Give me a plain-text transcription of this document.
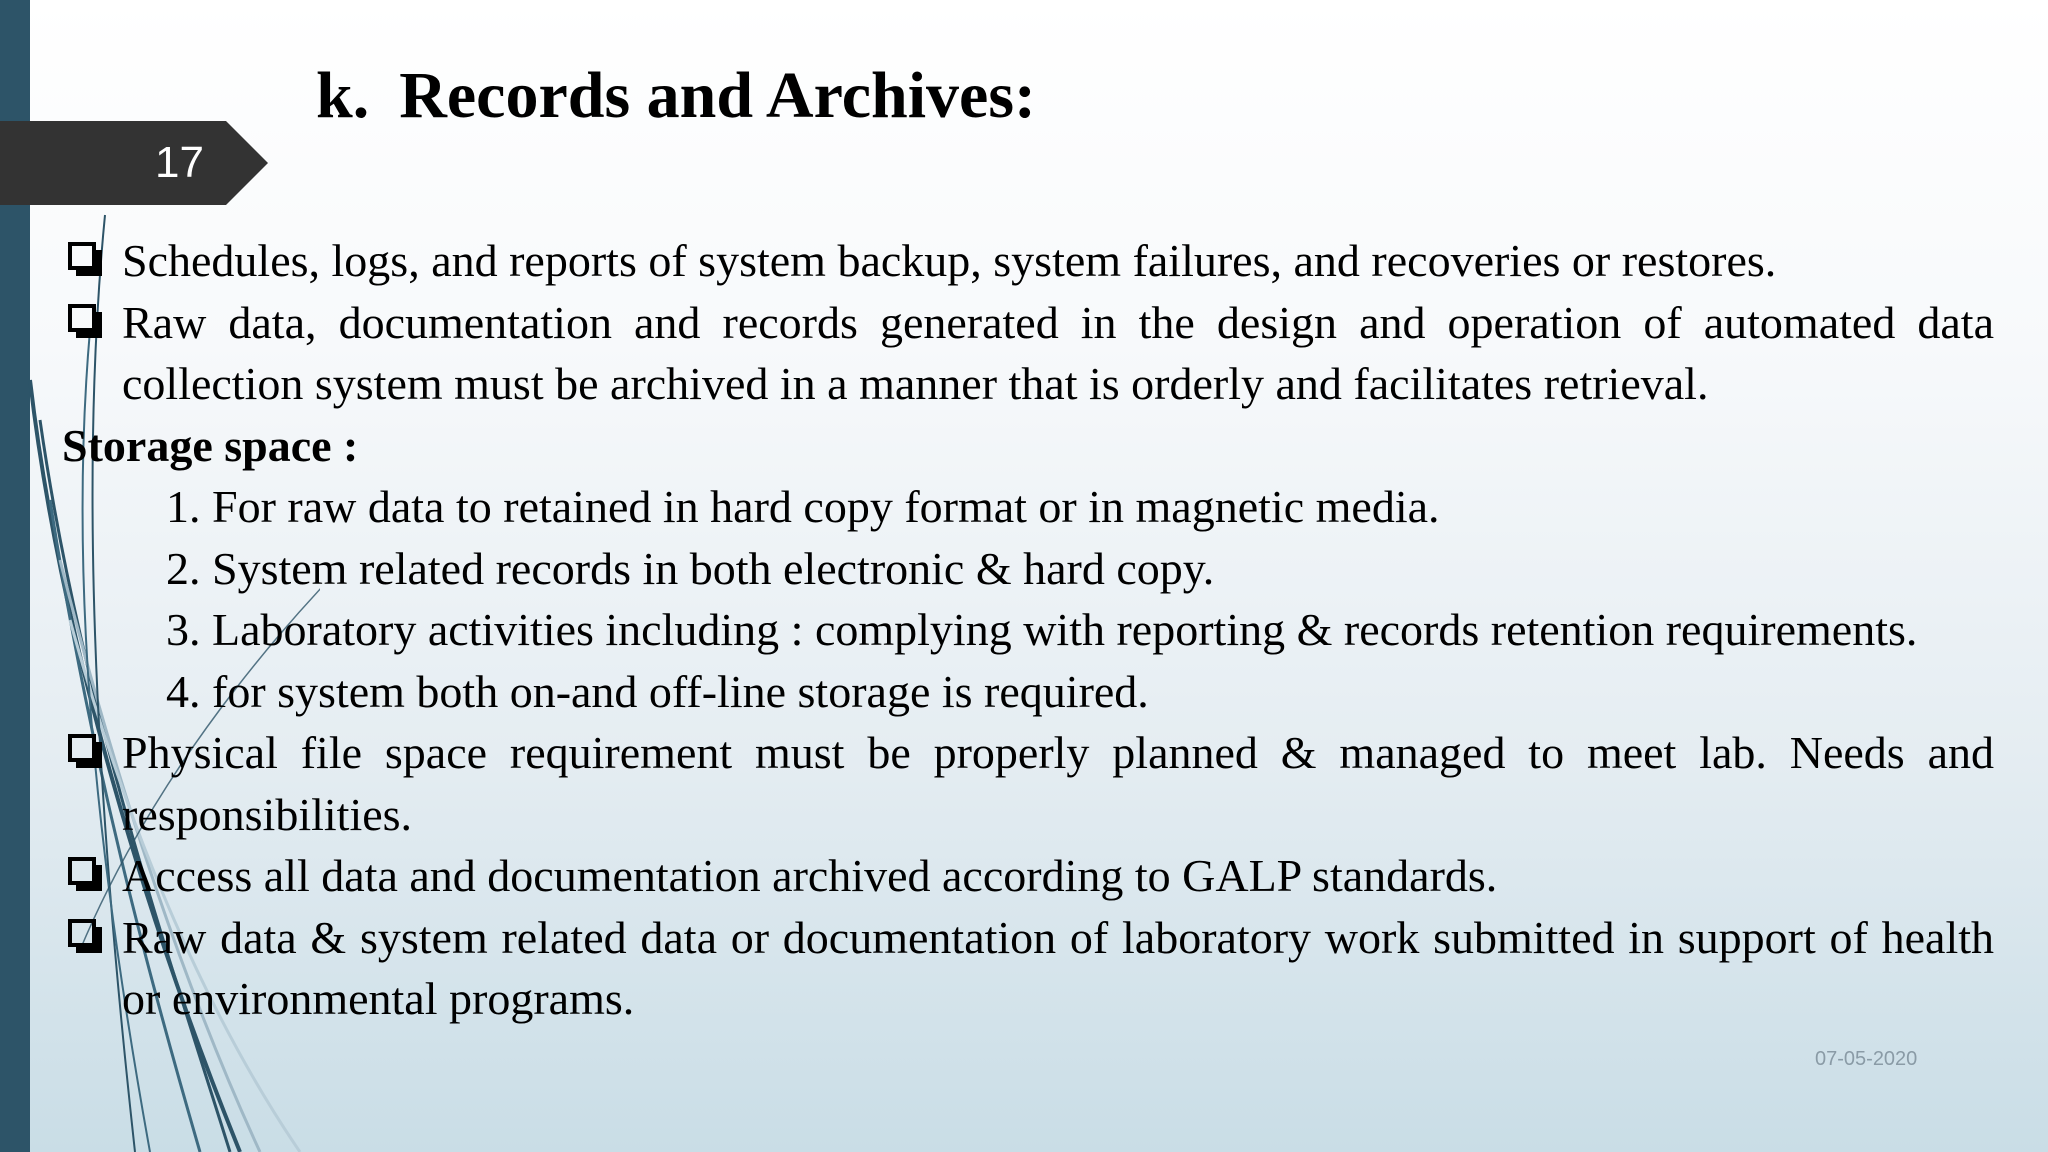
17
k. Records and Archives:
Schedules, logs, and reports of system backup, system failures, and recoveries or restores.
Raw data, documentation and records generated in the design and operation of automated data collection system must be archived in a manner that is orderly and facilitates retrieval.
Storage space :
1. For raw data to retained in hard copy format or in magnetic media.
2. System related records in both electronic & hard copy.
3. Laboratory activities including : complying with reporting & records retention requirements.
4. for system both on-and off-line storage is required.
Physical file space requirement must be properly planned & managed to meet lab. Needs and responsibilities.
Access all data and documentation archived according to GALP standards.
Raw data & system related data or documentation of laboratory work submitted in support of health or environmental programs.
07-05-2020
